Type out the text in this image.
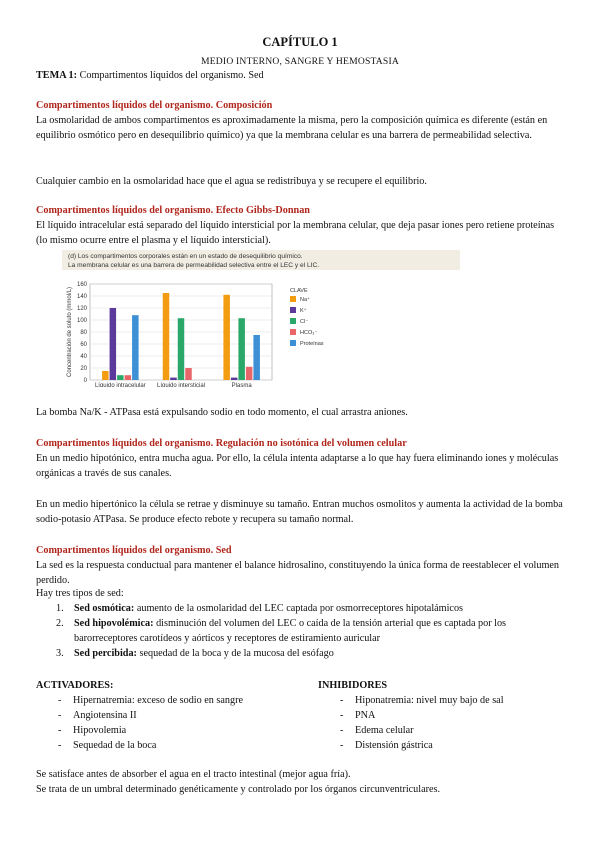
CAPÍTULO 1
MEDIO INTERNO, SANGRE Y HEMOSTASIA
TEMA 1: Compartimentos líquidos del organismo. Sed
Compartimentos líquidos del organismo. Composición

La osmolaridad de ambos compartimentos es aproximadamente la misma, pero la composición química es diferente (están en equilibrio osmótico pero en desequilibrio químico) ya que la membrana celular es una barrera de permeabilidad selectiva.

Cualquier cambio en la osmolaridad hace que el agua se redistribuya y se recupere el equilibrio.

Compartimentos líquidos del organismo. Efecto Gibbs-Donnan

El líquido intracelular está separado del líquido intersticial por la membrana celular, que deja pasar iones pero retiene proteínas (lo mismo ocurre entre el plasma y el líquido intersticial).

(d) Los compartimentos corporales están en un estado de desequilibrio químico. La membrana celular es una barrera de permeabilidad selectiva entre el LEC y el LIC.
0
20
40
60
80
100
120
140
160
Concentración de soluto (mmol/L)
Líquido intracelular Líquido intersticial	Plasma
CLAVE
Na⁺
K⁺
Cl⁻
HCO₃⁻
Proteínas

La bomba Na/K - ATPasa está expulsando sodio en todo momento, el cual arrastra aniones.

Compartimentos líquidos del organismo. Regulación no isotónica del volumen celular

En un medio hipotónico, entra mucha agua. Por ello, la célula intenta adaptarse a lo que hay fuera eliminando iones y moléculas orgánicas a través de sus canales.

En un medio hipertónico la célula se retrae y disminuye su tamaño. Entran muchos osmolitos y aumenta la actividad de la bomba sodio-potasio ATPasa. Se produce efecto rebote y recupera su tamaño normal.

Compartimentos líquidos del organismo. Sed

La sed es la respuesta conductual para mantener el balance hidrosalino, constituyendo la única forma de reestablecer el volumen perdido.

Hay tres tipos de sed:

1. Sed osmótica: aumento de la osmolaridad del LEC captada por osmorreceptores hipotalámicos
2. Sed hipovolémica: disminución del volumen del LEC o caída de la tensión arterial que es captada por los barorreceptores carotídeos y aórticos y receptores de estiramiento auricular
3. Sed percibida: sequedad de la boca y de la mucosa del esófago
ACTIVADORES:
- Hipernatremia: exceso de sodio en sangre
- Angiotensina II
- Hipovolemia
- Sequedad de la boca
INHIBIDORES
- Hiponatremia: nivel muy bajo de sal
- PNA
- Edema celular
- Distensión gástrica

Se satisface antes de absorber el agua en el tracto intestinal (mejor agua fría).

Se trata de un umbral determinado genéticamente y controlado por los órganos circunventriculares.
